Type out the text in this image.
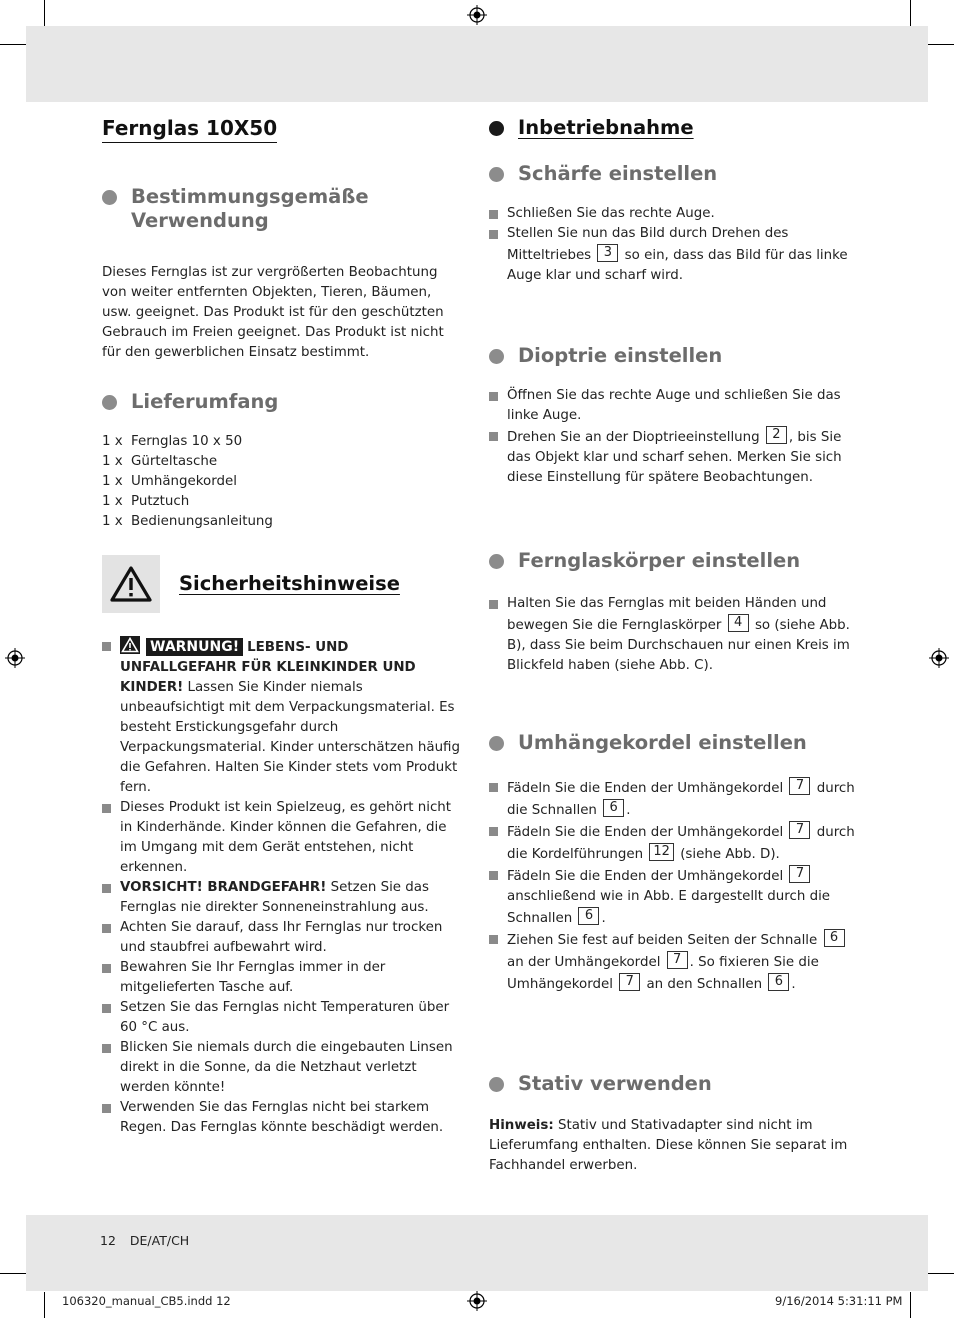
Fernglas 10X50
Bestimmungsgemäße Verwendung
Dieses Fernglas ist zur vergrößerten Beobachtung von weiter entfernten Objekten, Tieren, Bäumen, usw. geeignet. Das Produkt ist für den geschützten Gebrauch im Freien geeignet. Das Produkt ist nicht für den gewerblichen Einsatz bestimmt.
Lieferumfang
1 x Fernglas 10 x 50
1 x Gürteltasche
1 x Umhängekordel
1 x Putztuch
1 x Bedienungsanleitung
Sicherheitshinweise
WARNUNG! LEBENS- UND UNFALLGEFAHR FÜR KLEINKINDER UND KINDER! Lassen Sie Kinder niemals unbeaufsichtigt mit dem Verpackungsmaterial. Es besteht Erstickungsgefahr durch Verpackungsmaterial. Kinder unterschätzen häufig die Gefahren. Halten Sie Kinder stets vom Produkt fern.
Dieses Produkt ist kein Spielzeug, es gehört nicht in Kinderhände. Kinder können die Gefahren, die im Umgang mit dem Gerät entstehen, nicht erkennen.
VORSICHT! BRANDGEFAHR! Setzen Sie das Fernglas nie direkter Sonneneinstrahlung aus.
Achten Sie darauf, dass Ihr Fernglas nur trocken und staubfrei aufbewahrt wird.
Bewahren Sie Ihr Fernglas immer in der mitgelieferten Tasche auf.
Setzen Sie das Fernglas nicht Temperaturen über 60 °C aus.
Blicken Sie niemals durch die eingebauten Linsen direkt in die Sonne, da die Netzhaut verletzt werden könnte!
Verwenden Sie das Fernglas nicht bei starkem Regen. Das Fernglas könnte beschädigt werden.
Inbetriebnahme
Schärfe einstellen
Schließen Sie das rechte Auge.
Stellen Sie nun das Bild durch Drehen des Mitteltriebes 3 so ein, dass das Bild für das linke Auge klar und scharf wird.
Dioptrie einstellen
Öffnen Sie das rechte Auge und schließen Sie das linke Auge.
Drehen Sie an der Dioptrieeinstellung 2 , bis Sie das Objekt klar und scharf sehen. Merken Sie sich diese Einstellung für spätere Beobachtungen.
Fernglaskörper einstellen
Halten Sie das Fernglas mit beiden Händen und bewegen Sie die Fernglaskörper 4 so (siehe Abb. B), dass Sie beim Durchschauen nur einen Kreis im Blickfeld haben (siehe Abb. C).
Umhängekordel einstellen
Fädeln Sie die Enden der Umhängekordel 7 durch die Schnallen 6 .
Fädeln Sie die Enden der Umhängekordel 7 durch die Kordelführungen 12 (siehe Abb. D).
Fädeln Sie die Enden der Umhängekordel 7 anschließend wie in Abb. E dargestellt durch die Schnallen 6 .
Ziehen Sie fest auf beiden Seiten der Schnalle 6 an der Umhängekordel 7 . So fixieren Sie die Umhängekordel 7 an den Schnallen 6 .
Stativ verwenden
Hinweis: Stativ und Stativadapter sind nicht im Lieferumfang enthalten. Diese können Sie separat im Fachhandel erwerben.
12 DE/AT/CH
106320_manual_CB5.indd 12	9/16/2014 5:31:11 PM
